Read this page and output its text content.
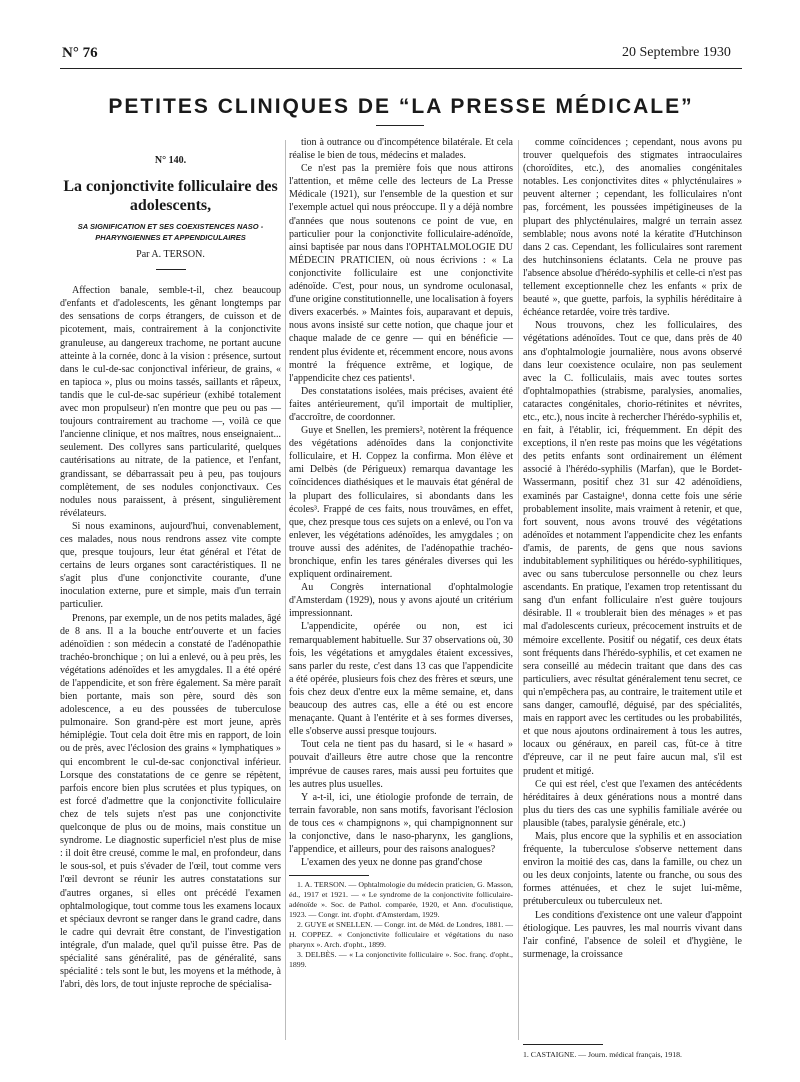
N° 76	20 Septembre 1930
PETITES CLINIQUES DE “LA PRESSE MÉDICALE”

N° 140.

La conjonctivite folliculaire des adolescents,

SA SIGNIFICATION ET SES COEXISTENCES NASO - PHARYNGIENNES ET APPENDICULAIRES

Par A. TERSON.

Affection banale, semble-t-il, chez beaucoup d'enfants et d'adolescents, les gênant longtemps par des sensations de corps étrangers, de cuisson et de picotement, mais, contrairement à la conjonctivite granuleuse, au dangereux trachome, ne portant aucune atteinte à la cornée, donc à la vision : présence, surtout dans le cul-de-sac conjonctival inférieur, de grains, « en tapioca », plus ou moins tassés, saillants et râpeux, tandis que le cul-de-sac supérieur (exhibé totalement avec mon propulseur) n'en montre que peu ou pas — toujours contrairement au trachome —, voilà ce que l'ancienne clinique, et nos maîtres, nous enseignaient... seulement. Des collyres sans particularité, quelques cautérisations au nitrate, de la patience, et l'enfant, grandissant, se débarrassait peu à peu, pas toujours complètement, de ses nodules conjonctivaux. Ces nodules nous paraissent, à présent, singulièrement révélateurs.

Si nous examinons, aujourd'hui, convenablement, ces malades, nous nous rendrons assez vite compte que, presque toujours, leur état général et l'état de certains de leurs organes sont caractéristiques. Il ne s'agit plus d'une conjonctivite courante, d'une inoculation externe, pure et simple, mais d'un terrain particulier.

Prenons, par exemple, un de nos petits malades, âgé de 8 ans. Il a la bouche entr'ouverte et un facies adénoïdien : son médecin a constaté de l'adénopathie trachéo-bronchique ; on lui a enlevé, ou à peu près, les végétations adénoïdes et les amygdales. Il a été opéré de l'appendicite, et son frère également. Sa mère paraît bien portante, mais son père, sourd dès son adolescence, a eu des poussées de tuberculose pulmonaire. Son grand-père est mort jeune, après hémiplégie. Tout cela doit être mis en rapport, de loin ou de près, avec l'éclosion des grains « lymphatiques » qui encombrent le cul-de-sac conjonctival inférieur. Lorsque des constatations de ce genre se répètent, parfois encore bien plus scrutées et plus typiques, on est forcé d'admettre que la conjonctivite folliculaire chez de tels sujets n'est pas une conjonctivite quelconque de plus ou de moins, mais constitue un syndrome. Le diagnostic superficiel n'est plus de mise : il doit être creusé, comme le mal, en profondeur, dans le sous-sol, et puis s'évader de l'œil, tout comme vers l'œil devront se réunir les autres constatations sur d'autres organes, si elles ont précédé l'examen ophtalmologique, tout comme tous les examens locaux et spéciaux devront se ranger dans le grand cadre, dans le cadre qui devrait être constant, de l'investigation intégrale, d'un malade, quel qu'il puisse être. Pas de spécialité sans généralité, pas de généralité, sans spécialité : tels sont le but, les moyens et la méthode, à l'abri, dès lors, de tout injuste reproche de spécialisa-

tion à outrance ou d'incompétence bilatérale. Et cela réalise le bien de tous, médecins et malades.

Ce n'est pas la première fois que nous attirons l'attention, et même celle des lecteurs de La Presse Médicale (1921), sur l'ensemble de la question et sur l'exemple actuel qui nous préoccupe. Il y a déjà nombre d'années que nous soutenons ce point de vue, en particulier pour la conjonctivite folliculaire-adénoïde, ainsi baptisée par nous dans l'OPHTALMOLOGIE DU MÉDECIN PRATICIEN, où nous écrivions : « La conjonctivite folliculaire est une conjonctivite adénoïde. C'est, pour nous, un syndrome oculonasal, d'une origine constitutionnelle, une localisation à foyers divers exacerbés. » Maintes fois, auparavant et depuis, nous avons insisté sur cette notion, que chaque jour et chaque malade de ce genre — qui en bénéficie — rendent plus évidente et, récemment encore, nous avons montré la fréquence extrême, et logique, de l'appendicite chez ces patients¹.

Des constatations isolées, mais précises, avaient été faites antérieurement, qu'il importait de multiplier, d'accroître, de coordonner.

Guye et Snellen, les premiers², notèrent la fréquence des végétations adénoïdes dans la conjonctivite folliculaire, et H. Coppez la confirma. Mon élève et ami Delbès (de Périgueux) remarqua davantage les coïncidences diathésiques et le mauvais état général de la plupart des folliculaires, si abondants dans les écoles³. Frappé de ces faits, nous trouvâmes, en effet, que, chez presque tous ces sujets on a enlevé, ou l'on va enlever, les végétations adénoïdes, les amygdales ; on trouve aussi des adénites, de l'adénopathie trachéo-bronchique, enfin les tares générales diverses qui les expliquent ordinairement.

Au Congrès international d'ophtalmologie d'Amsterdam (1929), nous y avons ajouté un critérium impressionnant.

L'appendicite, opérée ou non, est ici remarquablement habituelle. Sur 37 observations où, 30 fois, les végétations et amygdales étaient excessives, sans parler du reste, c'est dans 13 cas que l'appendicite a été opérée, plusieurs fois chez des frères et sœurs, une fois chez deux d'entre eux la même semaine, et, dans beaucoup des autres cas, elle a été ou est encore menaçante. Quant à l'entérite et à ses formes diverses, elle s'observe aussi presque toujours.

Tout cela ne tient pas du hasard, si le « hasard » pouvait d'ailleurs être autre chose que la rencontre imprévue de causes rares, mais aussi peu fortuites que les autres plus usuelles.

Y a-t-il, ici, une étiologie profonde de terrain, de terrain favorable, non sans motifs, favorisant l'éclosion de tous ces « champignons », qui champignonnent sur la conjonctive, dans le naso-pharynx, les ganglions, l'appendice, et ailleurs, pour des raisons analogues?

L'examen des yeux ne donne pas grand'chose

1. A. TERSON. — Ophtalmologie du médecin praticien, G. Masson, éd., 1917 et 1921. — « Le syndrome de la conjonctivite folliculaire-adénoïde ». Soc. de Pathol. comparée, 1920, et Ann. d'oculistique, 1923. — Congr. int. d'opht. d'Amsterdam, 1929.

2. GUYE et SNELLEN. — Congr. int. de Méd. de Londres, 1881. — H. COPPEZ. « Conjonctivite folliculaire et végétations du naso pharynx ». Arch. d'opht., 1899.

3. DELBÈS. — « La conjonctivite folliculaire ». Soc. franç. d'opht., 1899.

comme coïncidences ; cependant, nous avons pu trouver quelquefois des stigmates intraoculaires (choroïdites, etc.), des anomalies congénitales notables. Les conjonctivites dites « phlycténulaires » peuvent alterner ; cependant, les folliculaires n'ont pas, forcément, les poussées impétigineuses de la plupart des phlycténulaires, malgré un terrain assez semblable; nous avons noté la kératite d'Hutchinson dans 2 cas. Cependant, les folliculaires sont rarement des hutchinsoniens éclatants. Cela ne prouve pas l'absence absolue d'hérédo-syphilis et celle-ci n'est pas tellement exceptionnelle chez les enfants « prix de beauté », que guette, parfois, la syphilis héréditaire à échéance retardée, voire très tardive.

Nous trouvons, chez les folliculaires, des végétations adénoïdes. Tout ce que, dans près de 40 ans d'ophtalmologie journalière, nous avons observé dans leur coexistence oculaire, non pas seulement avec la C. folliculaiis, mais avec toutes sortes d'ophtalmopathies (strabisme, paralysies, anomalies, cataractes congénitales, chorio-rétinites et névrites, etc., etc.), nous incite à rechercher l'hérédo-syphilis et, en fait, à l'établir, ici, fréquemment. En dépit des exceptions, il n'en reste pas moins que les végétations des petits enfants sont ordinairement un élément associé à l'hérédo-syphilis (Marfan), que le Bordet-Wassermann, positif chez 31 sur 42 adénoïdiens, examinés par Castaigne¹, donna cette fois une série probablement insolite, mais vraiment à retenir, et que, fort souvent, nous avons trouvé des végétations adénoïdes et notamment l'appendicite chez les enfants d'amis, de parents, de gens que nous savions indubitablement syphilitiques ou hérédo-syphilitiques, avec ou sans tuberculose personnelle ou chez leurs ascendants. En pratique, l'examen trop retentissant du sang d'un enfant folliculaire n'est guère toujours désirable. Il « troublerait bien des ménages » et pas mal d'adolescents curieux, précocement instruits et de mémoire excellente. Positif ou négatif, ces deux états sont fréquents dans l'hérédo-syphilis, et cet examen ne sera conseillé au médecin traitant que dans des cas particuliers, avec résultat généralement tenu secret, ce qui n'empêchera pas, au contraire, le traitement utile et sans danger, camouflé, déguisé, par des spécialités, mais en rapport avec les certitudes ou les probabilités, et que nous ajoutons ordinairement à tous les autres, locaux ou généraux, en pareil cas, fût-ce à titre d'épreuve, car il ne peut faire aucun mal, s'il est prudent et mitigé.

Ce qui est réel, c'est que l'examen des antécédents héréditaires à deux générations nous a montré dans plus du tiers des cas une syphilis familiale avérée ou plausible (tabes, paralysie générale, etc.)

Mais, plus encore que la syphilis et en association fréquente, la tuberculose s'observe nettement dans environ la moitié des cas, dans la famille, ou chez un ou les deux conjoints, latente ou franche, ou sous des formes atténuées, et chez le sujet lui-même, prétuberculeux ou tuberculeux net.

Les conditions d'existence ont une valeur d'appoint étiologique. Les pauvres, les mal nourris vivant dans l'air confiné, l'absence de soleil et d'hygiène, le surmenage, la croissance

1. CASTAIGNE. — Journ. médical français, 1918.
